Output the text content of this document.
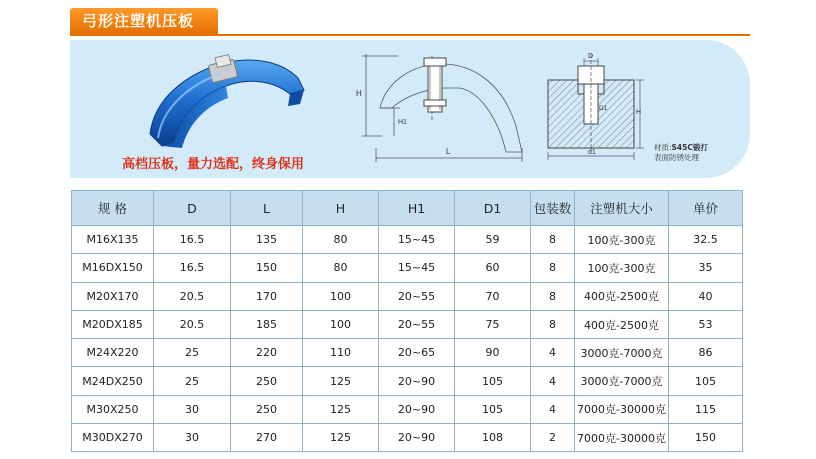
弓形注塑机压板
高档压板，量力选配，终身保用
H
H1
L
D
H
D1
d1
材质:S45C锻打
表面防锈处理
规 格	D	L	H	H1	D1	包装数	注塑机大小	单价
M16X135	16.5	135	80	15~45	59	8	100克-300克	32.5
M16DX150	16.5	150	80	15~45	60	8	100克-300克	35
M20X170	20.5	170	100	20~55	70	8	400克-2500克	40
M20DX185	20.5	185	100	20~55	75	8	400克-2500克	53
M24X220	25	220	110	20~65	90	4	3000克-7000克	86
M24DX250	25	250	125	20~90	105	4	3000克-7000克	105
M30X250	30	250	125	20~90	105	4	7000克-30000克	115
M30DX270	30	270	125	20~90	108	2	7000克-30000克	150
